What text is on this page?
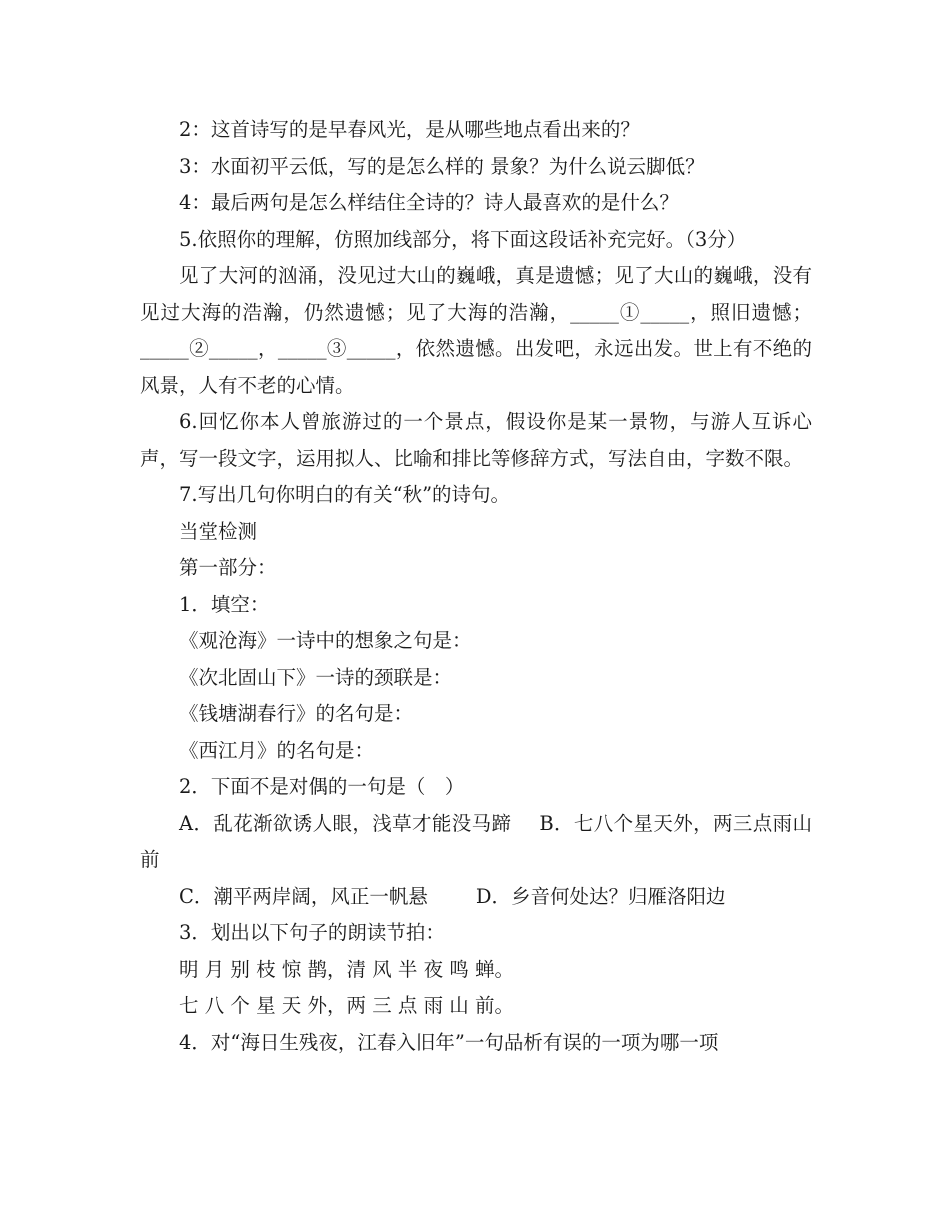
2：这首诗写的是早春风光，是从哪些地点看出来的？

3：水面初平云低，写的是怎么样的 景象？为什么说云脚低？

4：最后两句是怎么样结住全诗的？诗人最喜欢的是什么？

5.依照你的理解，仿照加线部分，将下面这段话补充完好。（3分）

见了大河的汹涌，没见过大山的巍峨，真是遗憾；见了大山的巍峨，没有见过大海的浩瀚，仍然遗憾；见了大海的浩瀚，_____①_____，照旧遗憾；_____②_____，_____③_____，依然遗憾。出发吧，永远出发。世上有不绝的风景，人有不老的心情。

6.回忆你本人曾旅游过的一个景点，假设你是某一景物，与游人互诉心声，写一段文字，运用拟人、比喻和排比等修辞方式，写法自由，字数不限。

7.写出几句你明白的有关“秋”的诗句。

当堂检测

第一部分：

1．填空：

《观沧海》一诗中的想象之句是：

《次北固山下》一诗的颈联是：

《钱塘湖春行》的名句是：

《西江月》的名句是：

2．下面不是对偶的一句是（　）

A．乱花渐欲诱人眼，浅草才能没马蹄 B．七八个星天外，两三点雨山前
C．潮平两岸阔，风正一帆悬 D．乡音何处达？归雁洛阳边

3．划出以下句子的朗读节拍：

明 月 别 枝 惊 鹊，清 风 半 夜 鸣 蝉。

七 八 个 星 天 外，两 三 点 雨 山 前。

4．对“海日生残夜，江春入旧年”一句品析有误的一项为哪一项
